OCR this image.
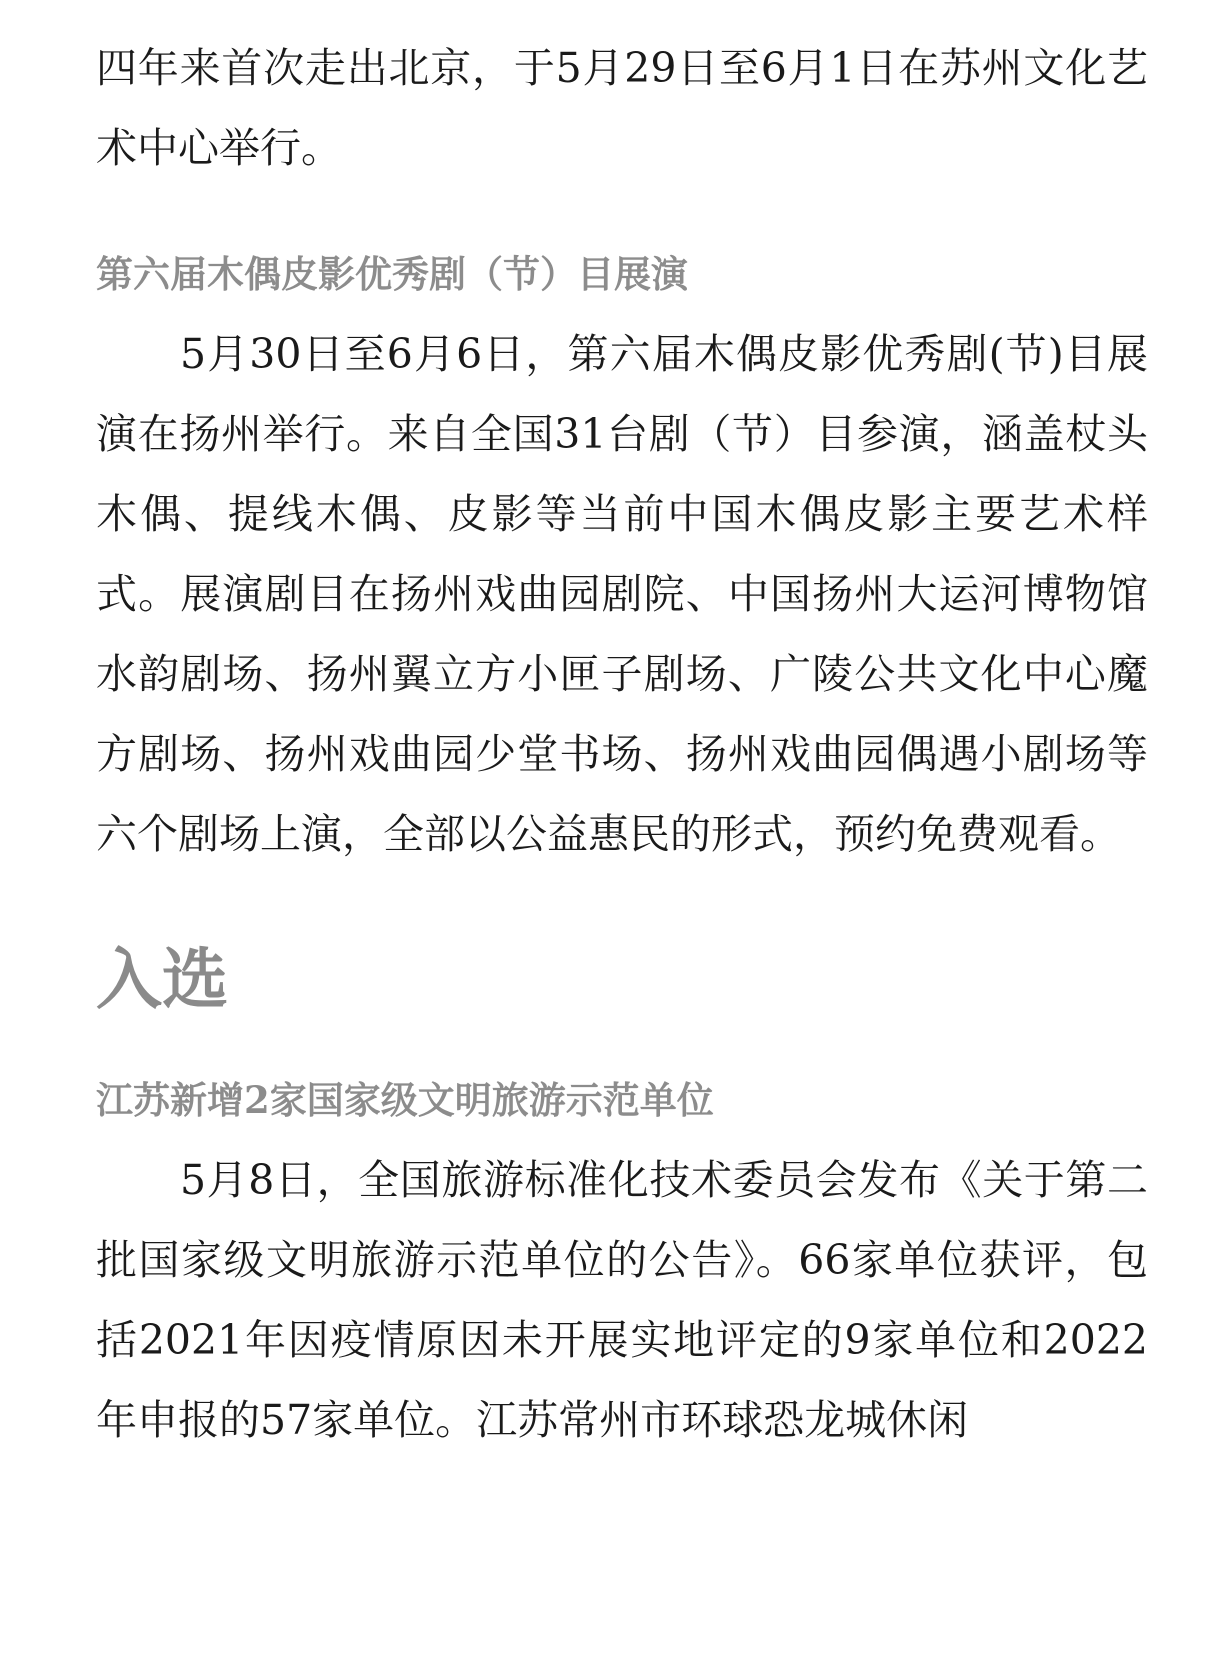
四年来首次走出北京，于5月29日至6月1日在苏州文化艺术中心举行。

第六届木偶皮影优秀剧（节）目展演

5月30日至6月6日，第六届木偶皮影优秀剧(节)目展演在扬州举行。来自全国31台剧（节）目参演，涵盖杖头木偶、提线木偶、皮影等当前中国木偶皮影主要艺术样式。展演剧目在扬州戏曲园剧院、中国扬州大运河博物馆水韵剧场、扬州翼立方小匣子剧场、广陵公共文化中心魔方剧场、扬州戏曲园少堂书场、扬州戏曲园偶遇小剧场等六个剧场上演，全部以公益惠民的形式，预约免费观看。

入选
江苏新增2家国家级文明旅游示范单位

5月8日，全国旅游标准化技术委员会发布《关于第二批国家级文明旅游示范单位的公告》。66家单位获评，包括2021年因疫情原因未开展实地评定的9家单位和2022年申报的57家单位。江苏常州市环球恐龙城休闲
